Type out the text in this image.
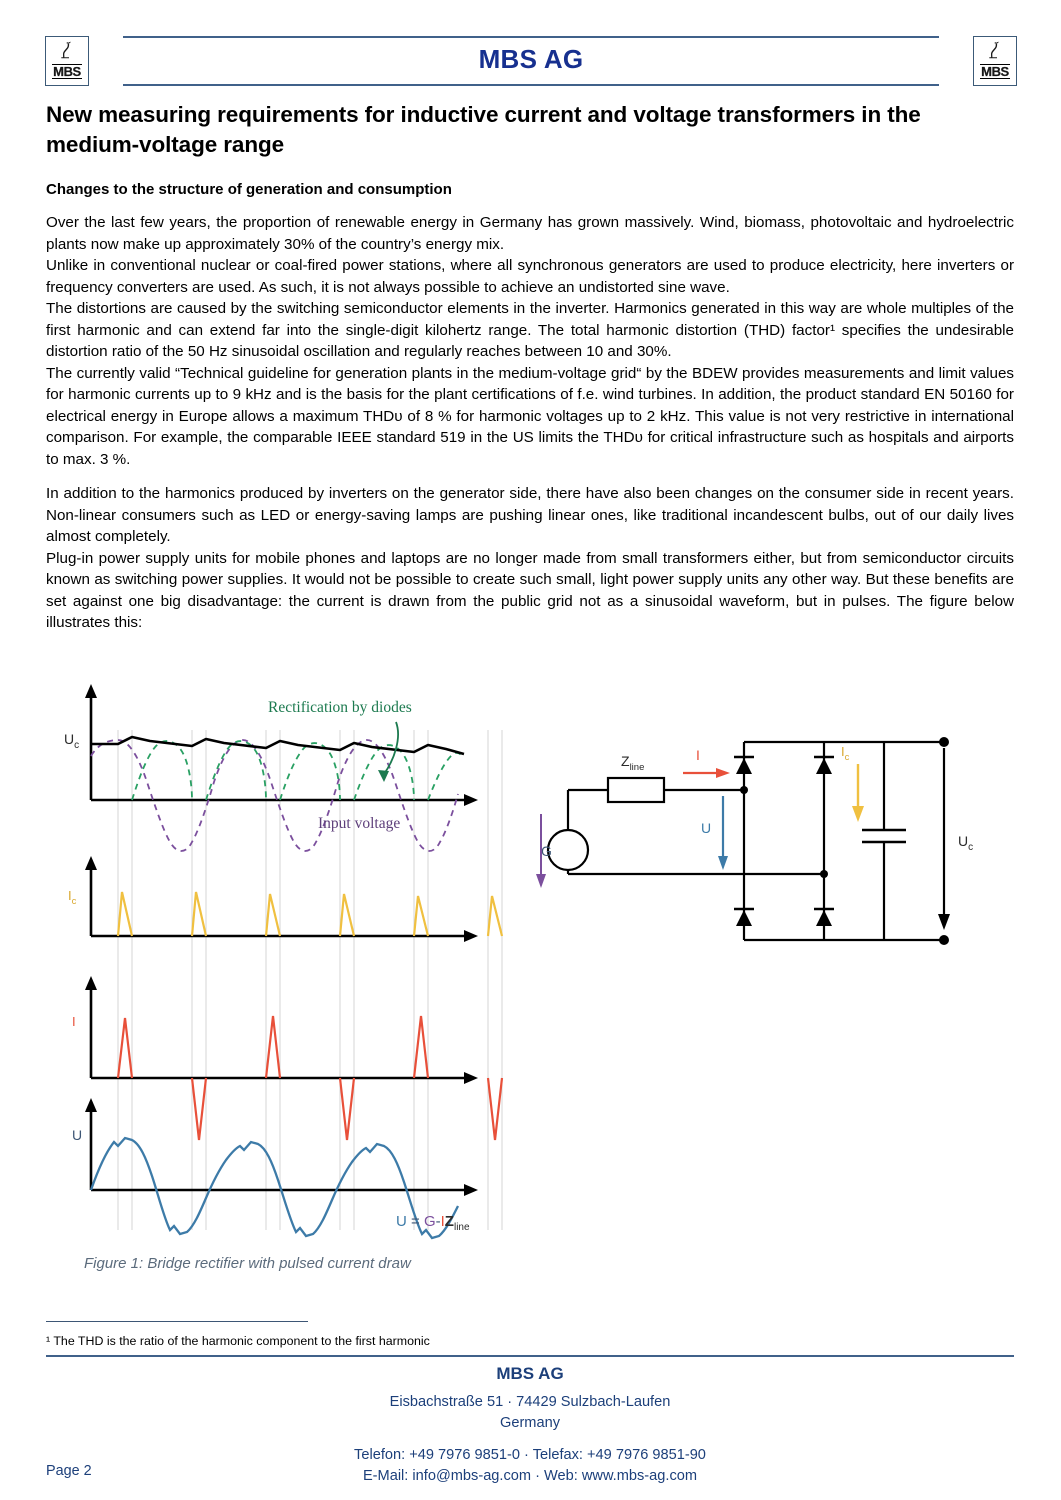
MBS	MBS AG	MBS
New measuring requirements for inductive current and voltage transformers in the medium-voltage range
Changes to the structure of generation and consumption

Over the last few years, the proportion of renewable energy in Germany has grown massively. Wind, biomass, photovoltaic and hydroelectric plants now make up approximately 30% of the country’s energy mix.

Unlike in conventional nuclear or coal-fired power stations, where all synchronous generators are used to produce electricity, here inverters or frequency converters are used. As such, it is not always possible to achieve an undistorted sine wave.

The distortions are caused by the switching semiconductor elements in the inverter. Harmonics generated in this way are whole multiples of the first harmonic and can extend far into the single-digit kilohertz range. The total harmonic distortion (THD) factor¹ specifies the undesirable distortion ratio of the 50 Hz sinusoidal oscillation and regularly reaches between 10 and 30%.

The currently valid “Technical guideline for generation plants in the medium-voltage grid“ by the BDEW provides measurements and limit values for harmonic currents up to 9 kHz and is the basis for the plant certifications of f.e. wind turbines. In addition, the product standard EN 50160 for electrical energy in Europe allows a maximum THDᴜ of 8 % for harmonic voltages up to 2 kHz. This value is not very restrictive in international comparison. For example, the comparable IEEE standard 519 in the US limits the THDᴜ for critical infrastructure such as hospitals and airports to max. 3 %.

In addition to the harmonics produced by inverters on the generator side, there have also been changes on the consumer side in recent years. Non-linear consumers such as LED or energy-saving lamps are pushing linear ones, like traditional incandescent bulbs, out of our daily lives almost completely.

Plug-in power supply units for mobile phones and laptops are no longer made from small transformers either, but from semiconductor circuits known as switching power supplies. It would not be possible to create such small, light power supply units any other way. But these benefits are set against one big disadvantage: the current is drawn from the public grid not as a sinusoidal waveform, but in pulses. The figure below illustrates this:

$U_c$
Rectification by diodes
Input voltage
$I_c$
I
U
$U = G-IZ_{line}$
G
$Z_{line}$
I
U
$I_c$
$U_c$
Figure 1: Bridge rectifier with pulsed current draw
¹ The THD is the ratio of the harmonic component to the first harmonic
MBS AG
Eisbachstraße 51 · 74429 Sulzbach-Laufen
Germany
Telefon: +49 7976 9851-0 · Telefax: +49 7976 9851-90
E-Mail: info@mbs-ag.com · Web: www.mbs-ag.com
Page 2
